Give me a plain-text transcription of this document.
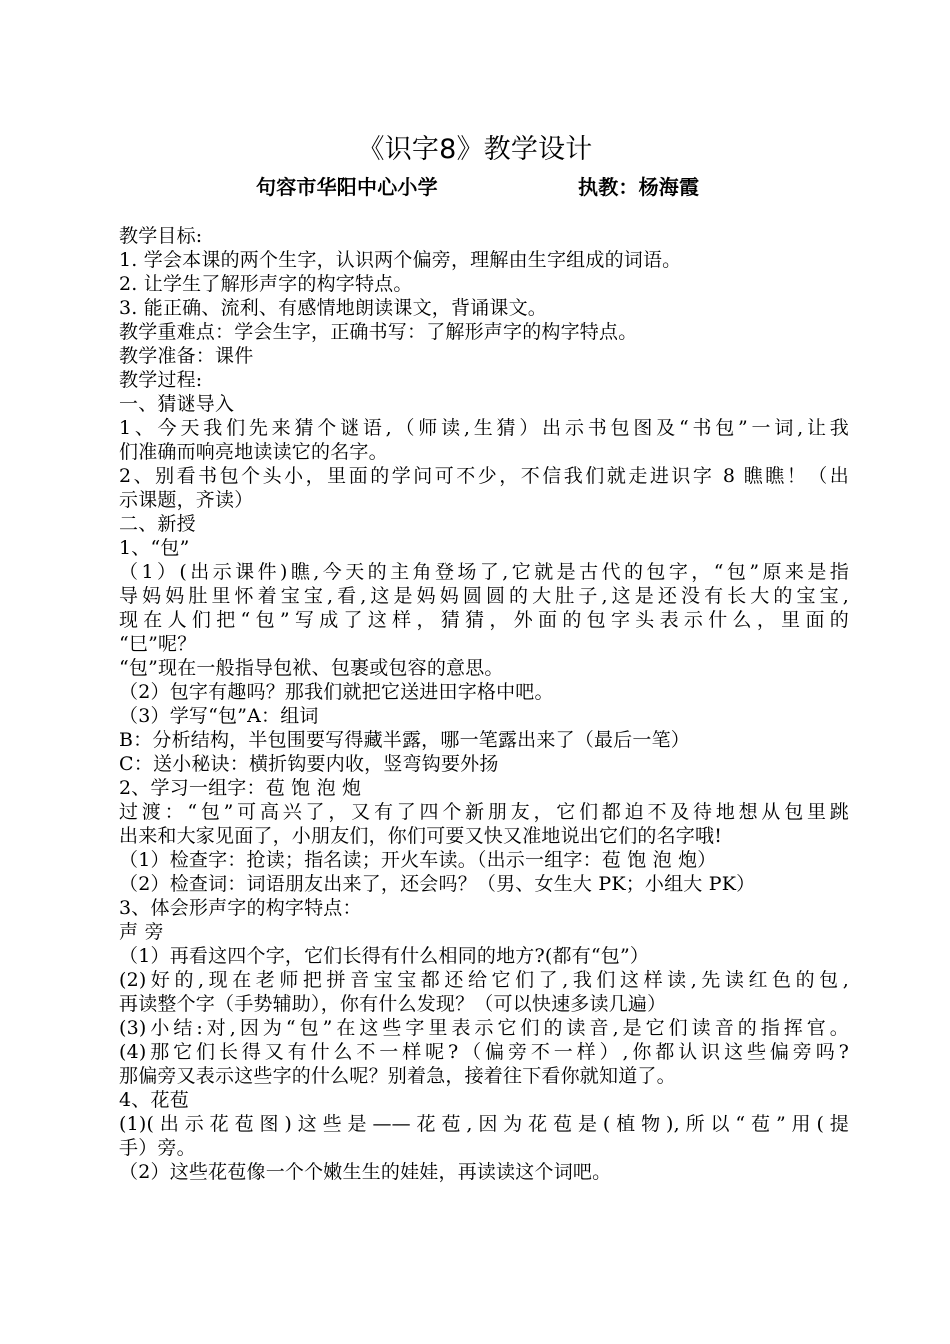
《识字8》教学设计
句容市华阳中心小学	执教：杨海霞
教学目标:
1. 学会本课的两个生字，认识两个偏旁，理解由生字组成的词语。
2. 让学生了解形声字的构字特点。
3. 能正确、流利、有感情地朗读课文，背诵课文。
教学重难点：学会生字，正确书写：了解形声字的构字特点。
教学准备：课件
教学过程:
一、猜谜导入
1、今天我们先来猜个谜语,（师读,生猜）出示书包图及“书包”一词,让我
们准确而响亮地读读它的名字。
2、别看书包个头小，里面的学问可不少，不信我们就走进识字 8 瞧瞧！（出
示课题，齐读）
二、新授
1、“包”
（1）(出示课件)瞧,今天的主角登场了,它就是古代的包字，“包”原来是指
导妈妈肚里怀着宝宝,看,这是妈妈圆圆的大肚子,这是还没有长大的宝宝,
现在人们把“包”写成了这样，猜猜，外面的包字头表示什么，里面的
“巳”呢？
“包”现在一般指导包袱、包裹或包容的意思。
（2）包字有趣吗？那我们就把它送进田字格中吧。
（3）学写“包”A：组词
B：分析结构，半包围要写得藏半露，哪一笔露出来了（最后一笔）
C：送小秘诀：横折钩要内收，竖弯钩要外扬
2、学习一组字：苞 饱 泡 炮
过渡：“包”可高兴了，又有了四个新朋友，它们都迫不及待地想从包里跳
出来和大家见面了，小朋友们，你们可要又快又准地说出它们的名字哦!
（1）检查字：抢读；指名读；开火车读。（出示一组字：苞 饱 泡 炮）
（2）检查词：词语朋友出来了，还会吗？（男、女生大 PK；小组大 PK）
3、体会形声字的构字特点：
声 旁
（1）再看这四个字，它们长得有什么相同的地方?(都有“包”）
(2)好的,现在老师把拼音宝宝都还给它们了,我们这样读,先读红色的包,
再读整个字（手势辅助），你有什么发现？（可以快速多读几遍）
(3)小结:对,因为“包”在这些字里表示它们的读音,是它们读音的指挥官。
(4)那它们长得又有什么不一样呢?（偏旁不一样）,你都认识这些偏旁吗?
那偏旁又表示这些字的什么呢？别着急，接着往下看你就知道了。
4、花苞
(1)(出示花苞图)这些是——花苞,因为花苞是(植物),所以“苞”用(提
手）旁。
（2）这些花苞像一个个嫩生生的娃娃，再读读这个词吧。
